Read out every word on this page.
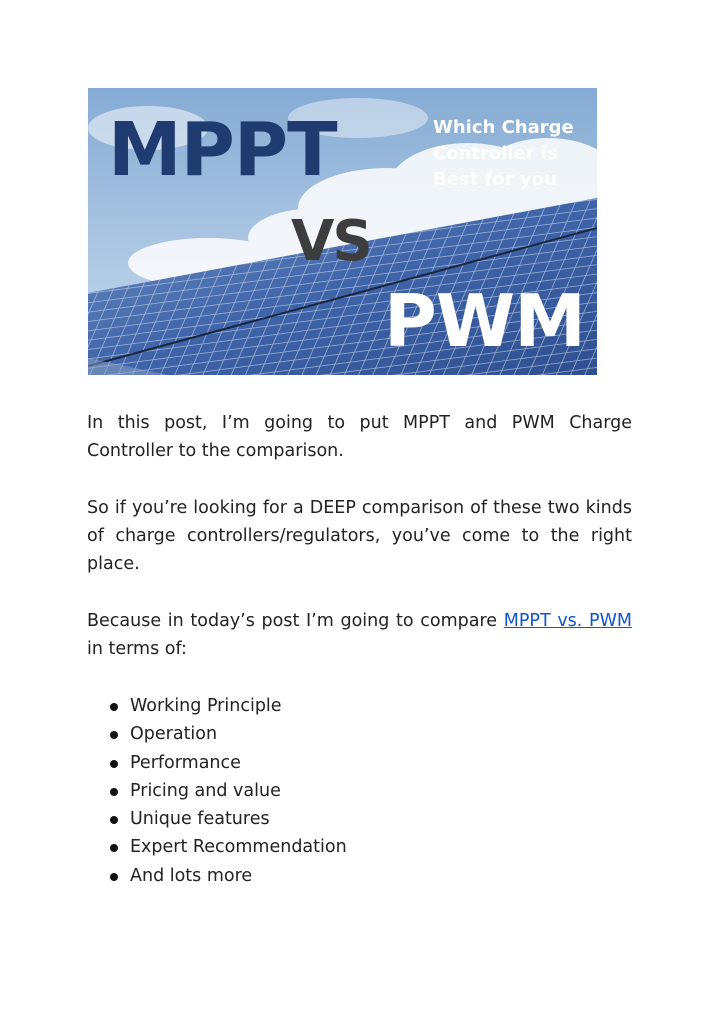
MPPT
VS
PWM
Which Charge
Controller is
Best for you

In this post, I’m going to put MPPT and PWM Charge Controller to the comparison.

So if you’re looking for a DEEP comparison of these two kinds of charge controllers/regulators, you’ve come to the right place.

Because in today’s post I’m going to compare MPPT vs. PWM in terms of:

Working Principle
Operation
Performance
Pricing and value
Unique features
Expert Recommendation
And lots more
